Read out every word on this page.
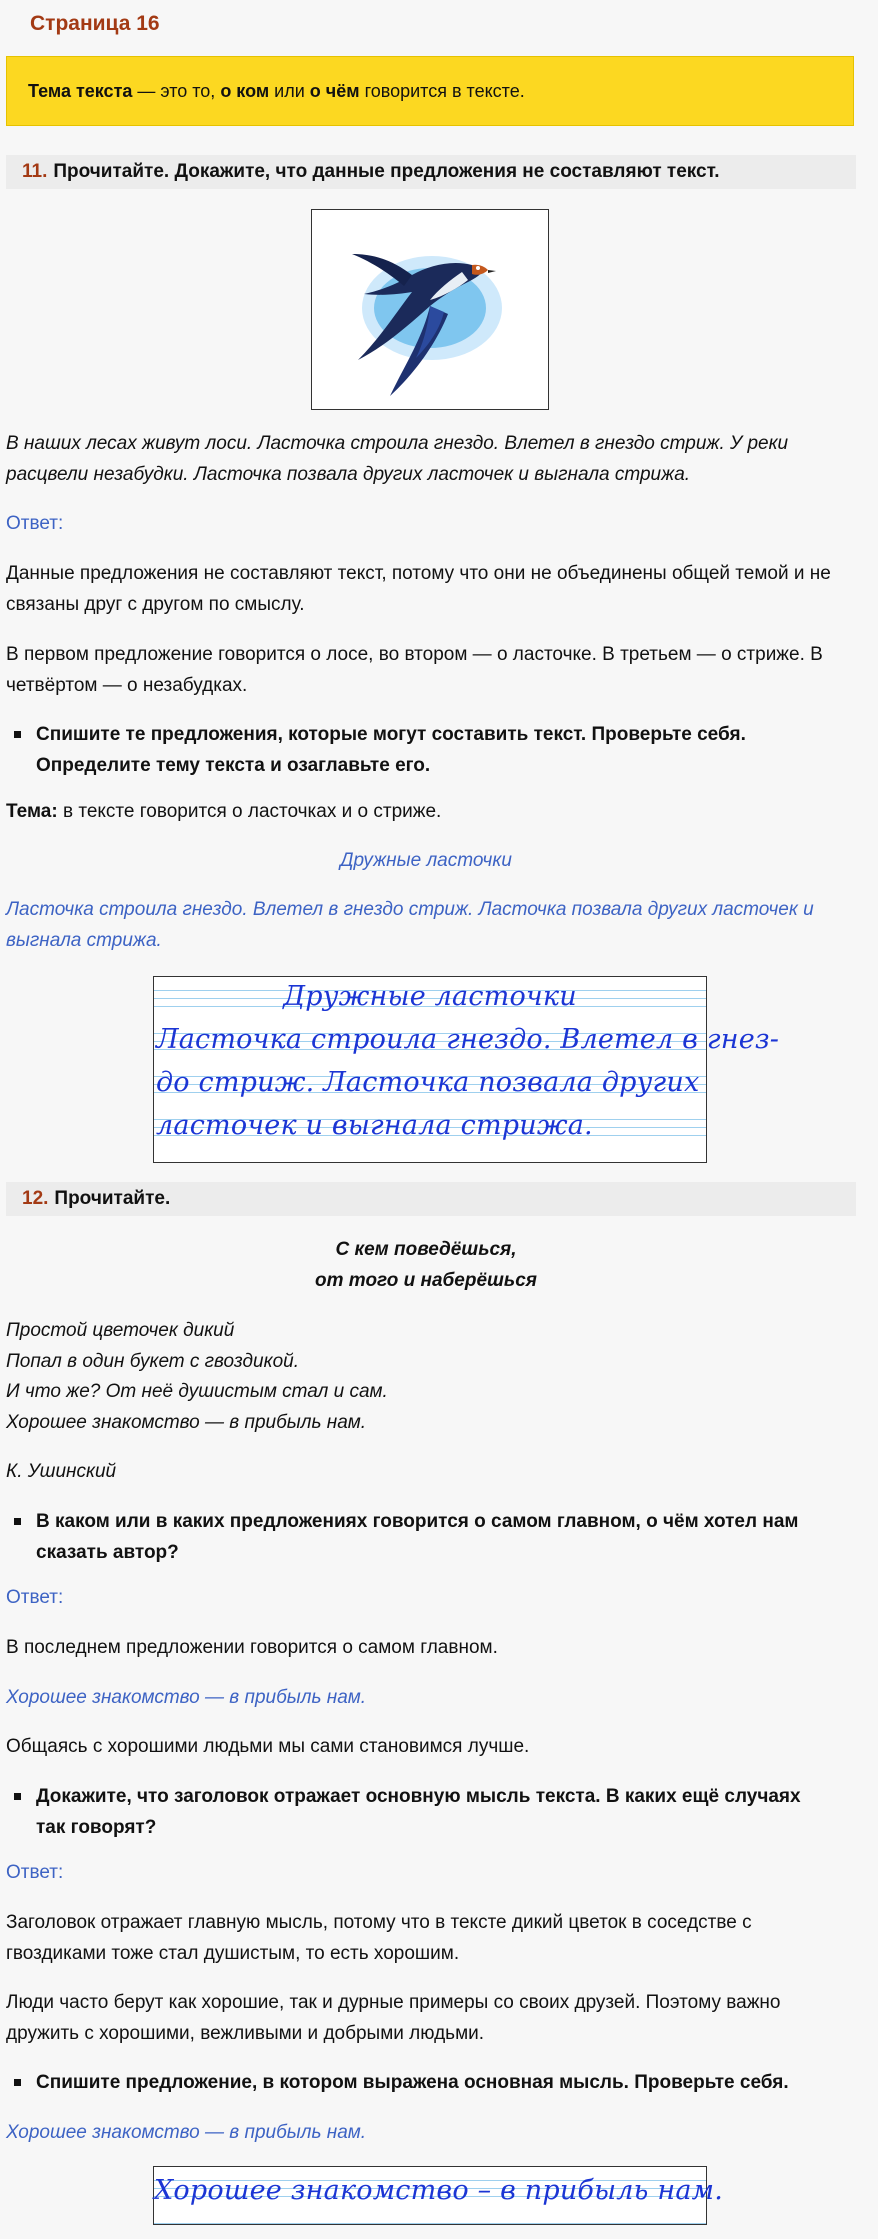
Страница 16
Тема текста — это то, о ком или о чём говорится в тексте.
11. Прочитайте. Докажите, что данные предложения не составляют текст.
В наших лесах живут лоси. Ласточка строила гнездо. Влетел в гнездо стриж. У реки расцвели незабудки. Ласточка позвала других ласточек и выгнала стрижа.
Ответ:
Данные предложения не составляют текст, потому что они не объединены общей темой и не связаны друг с другом по смыслу.
В первом предложение говорится о лосе, во втором — о ласточке. В третьем — о стриже. В четвёртом — о незабудках.
Спишите те предложения, которые могут составить текст. Проверьте себя. Определите тему текста и озаглавьте его.
Тема: в тексте говорится о ласточках и о стриже.
Дружные ласточки
Ласточка строила гнездо. Влетел в гнездо стриж. Ласточка позвала других ласточек и выгнала стрижа.
Дружные ласточки
Ласточка строила гнездо. Влетел в гнез-
до стриж. Ласточка позвала других
ласточек и выгнала стрижа.
12. Прочитайте.
С кем поведёшься,
от того и наберёшься
Простой цветочек дикий
Попал в один букет с гвоздикой.
И что же? От неё душистым стал и сам.
Хорошее знакомство — в прибыль нам.
К. Ушинский
В каком или в каких предложениях говорится о самом главном, о чём хотел нам сказать автор?
Ответ:
В последнем предложении говорится о самом главном.
Хорошее знакомство — в прибыль нам.
Общаясь с хорошими людьми мы сами становимся лучше.
Докажите, что заголовок отражает основную мысль текста. В каких ещё случаях так говорят?
Ответ:
Заголовок отражает главную мысль, потому что в тексте дикий цветок в соседстве с гвоздиками тоже стал душистым, то есть хорошим.
Люди часто берут как хорошие, так и дурные примеры со своих друзей. Поэтому важно дружить с хорошими, вежливыми и добрыми людьми.
Спишите предложение, в котором выражена основная мысль. Проверьте себя.
Хорошее знакомство — в прибыль нам.
Хорошее знакомство – в прибыль нам.
